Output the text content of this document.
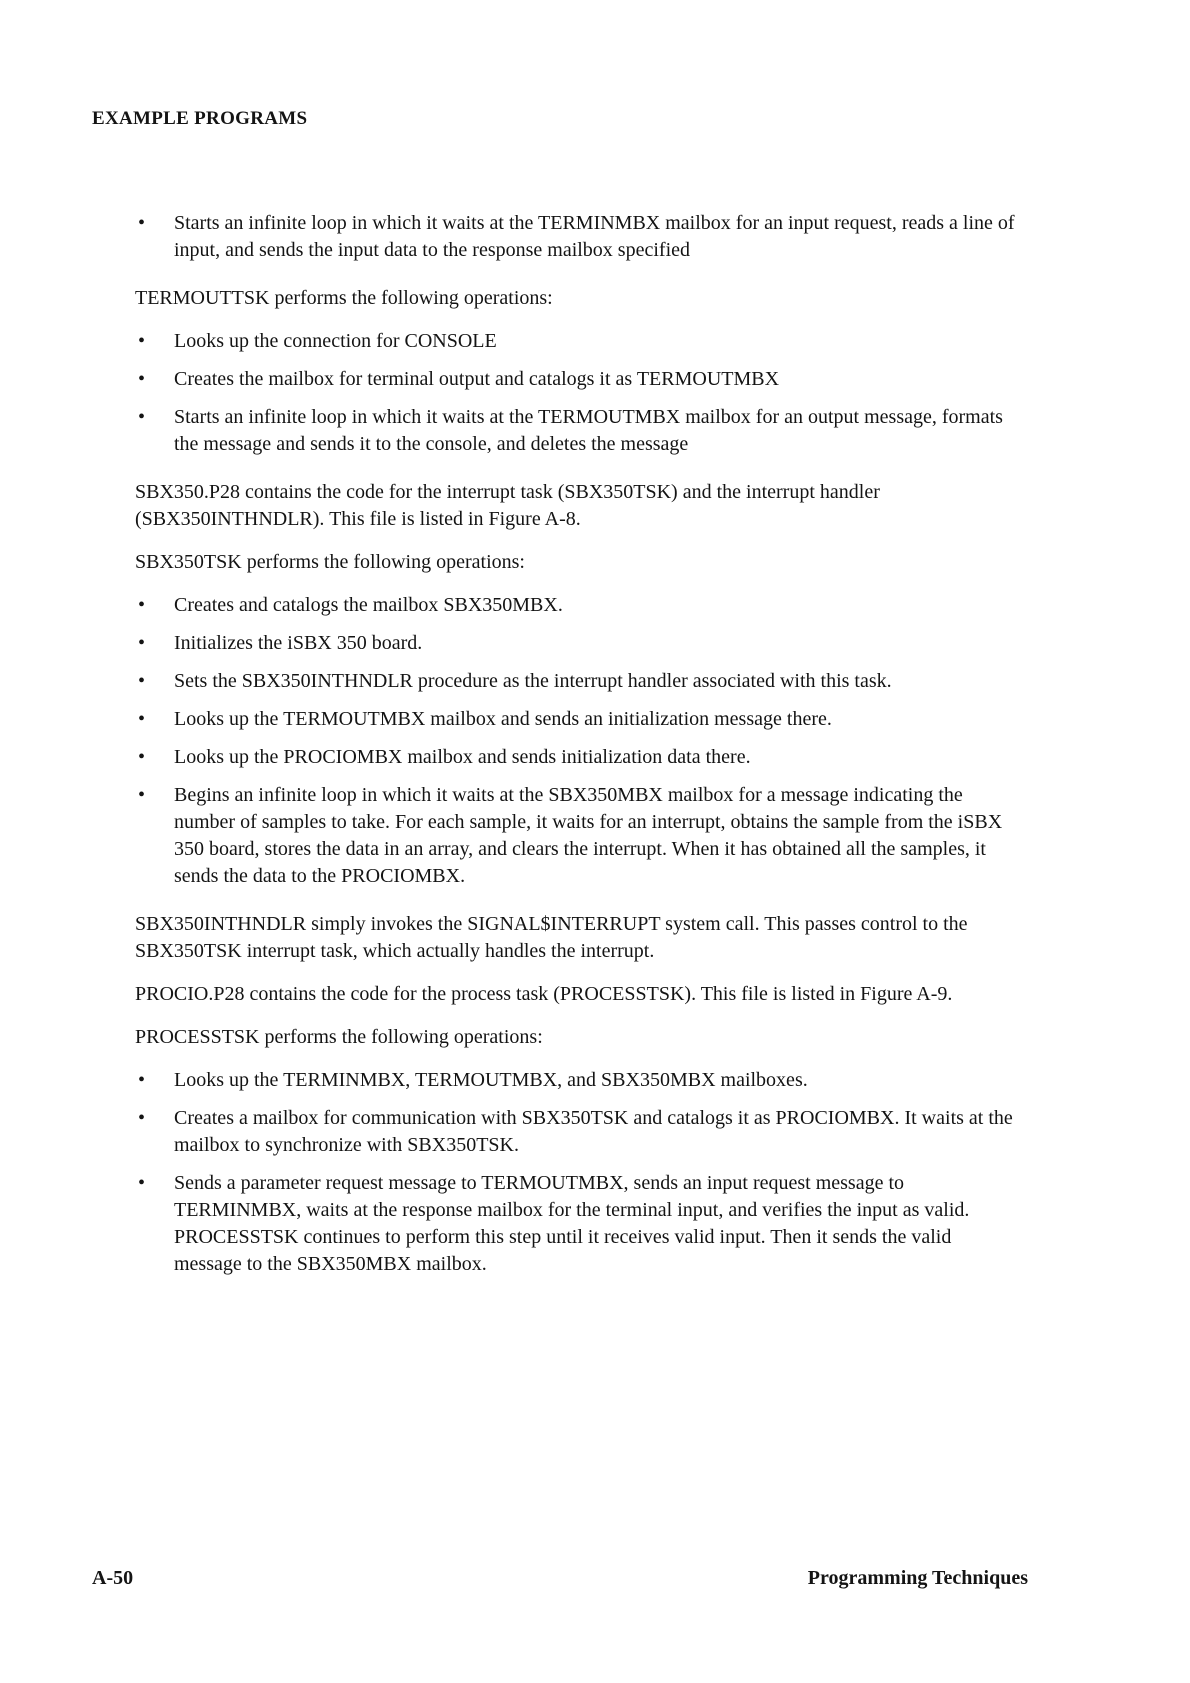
EXAMPLE PROGRAMS
• Starts an infinite loop in which it waits at the TERMINMBX mailbox for an input request, reads a line of input, and sends the input data to the response mailbox specified
TERMOUTTSK performs the following operations:
• Looks up the connection for CONSOLE
• Creates the mailbox for terminal output and catalogs it as TERMOUTMBX
• Starts an infinite loop in which it waits at the TERMOUTMBX mailbox for an output message, formats the message and sends it to the console, and deletes the message
SBX350.P28 contains the code for the interrupt task (SBX350TSK) and the interrupt handler (SBX350INTHNDLR). This file is listed in Figure A-8.
SBX350TSK performs the following operations:
• Creates and catalogs the mailbox SBX350MBX.
• Initializes the iSBX 350 board.
• Sets the SBX350INTHNDLR procedure as the interrupt handler associated with this task.
• Looks up the TERMOUTMBX mailbox and sends an initialization message there.
• Looks up the PROCIOMBX mailbox and sends initialization data there.
• Begins an infinite loop in which it waits at the SBX350MBX mailbox for a message indicating the number of samples to take. For each sample, it waits for an interrupt, obtains the sample from the iSBX 350 board, stores the data in an array, and clears the interrupt. When it has obtained all the samples, it sends the data to the PROCIOMBX.
SBX350INTHNDLR simply invokes the SIGNAL$INTERRUPT system call. This passes control to the SBX350TSK interrupt task, which actually handles the interrupt.
PROCIO.P28 contains the code for the process task (PROCESSTSK). This file is listed in Figure A-9.
PROCESSTSK performs the following operations:
• Looks up the TERMINMBX, TERMOUTMBX, and SBX350MBX mailboxes.
• Creates a mailbox for communication with SBX350TSK and catalogs it as PROCIOMBX. It waits at the mailbox to synchronize with SBX350TSK.
• Sends a parameter request message to TERMOUTMBX, sends an input request message to TERMINMBX, waits at the response mailbox for the terminal input, and verifies the input as valid. PROCESSTSK continues to perform this step until it receives valid input. Then it sends the valid message to the SBX350MBX mailbox.
A-50	Programming Techniques
